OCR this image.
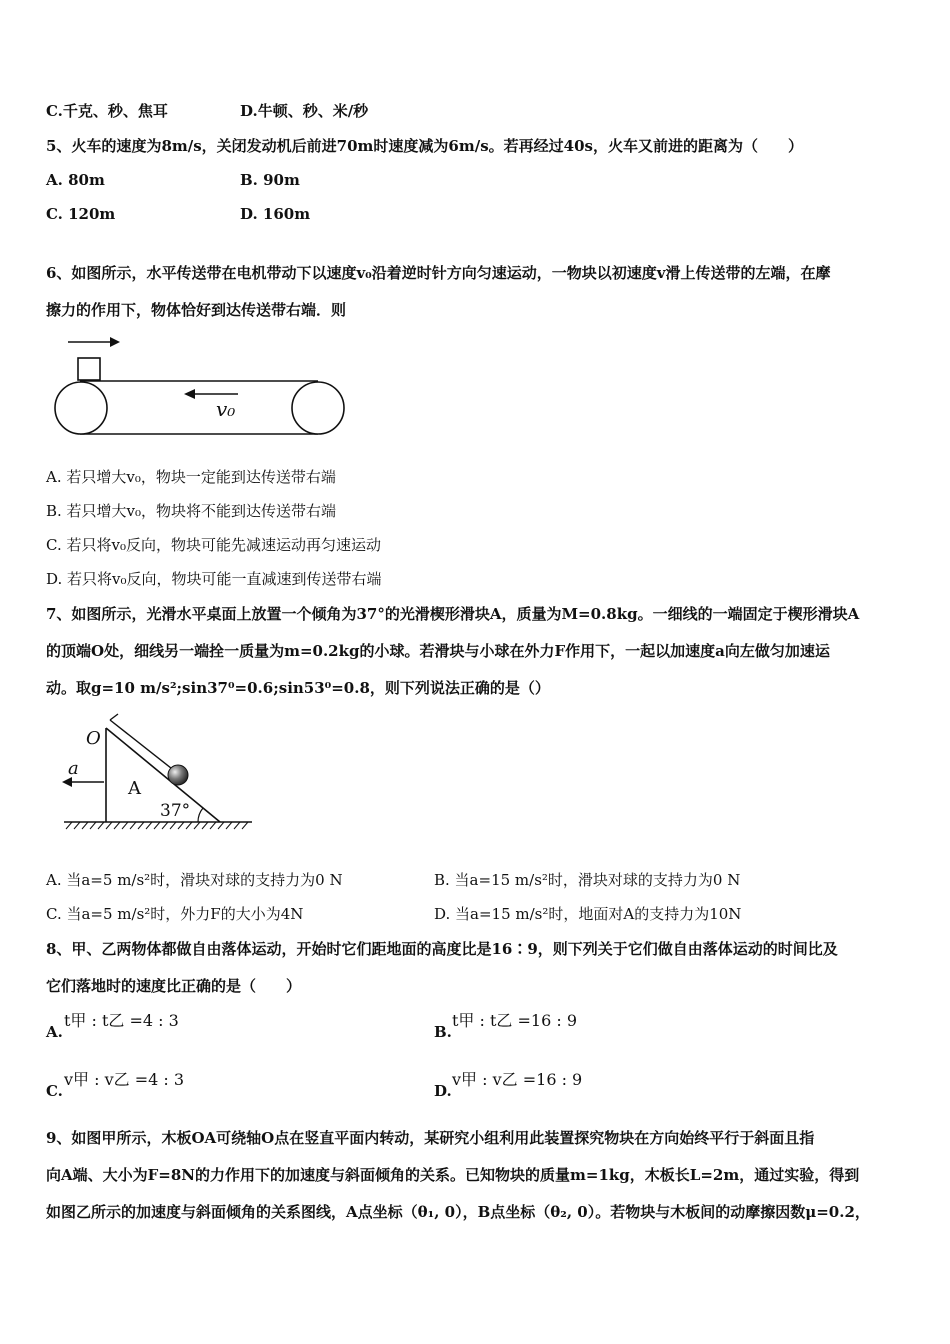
C.千克、秒、焦耳	D.牛顿、秒、米/秒
5、火车的速度为8m/s，关闭发动机后前进70m时速度减为6m/s。若再经过40s，火车又前进的距离为（　　）
A. 80m	B. 90m
C. 120m	D. 160m
6、如图所示，水平传送带在电机带动下以速度v₀沿着逆时针方向匀速运动，一物块以初速度v滑上传送带的左端，在摩
擦力的作用下，物体恰好到达传送带右端．则
v₀
A. 若只增大v₀，物块一定能到达传送带右端
B. 若只增大v₀，物块将不能到达传送带右端
C. 若只将v₀反向，物块可能先减速运动再匀速运动
D. 若只将v₀反向，物块可能一直减速到传送带右端
7、如图所示，光滑水平桌面上放置一个倾角为37°的光滑楔形滑块A，质量为M=0.8kg。一细线的一端固定于楔形滑块A
的顶端O处，细线另一端拴一质量为m=0.2kg的小球。若滑块与小球在外力F作用下，一起以加速度a向左做匀加速运
动。取g=10 m/s²;sin37⁰=0.6;sin53⁰=0.8，则下列说法正确的是（）
a
O
A
37°
A. 当a=5 m/s²时，滑块对球的支持力为0 N	B. 当a=15 m/s²时，滑块对球的支持力为0 N
C. 当a=5 m/s²时，外力F的大小为4N	D. 当a=15 m/s²时，地面对A的支持力为10N
8、甲、乙两物体都做自由落体运动，开始时它们距地面的高度比是16∶9，则下列关于它们做自由落体运动的时间比及
它们落地时的速度比正确的是（　　）
A.
t甲 : t乙 =4 : 3
B.
t甲 : t乙 =16 : 9
C.
v甲 : v乙 =4 : 3
D.
v甲 : v乙 =16 : 9
9、如图甲所示，木板OA可绕轴O点在竖直平面内转动，某研究小组利用此装置探究物块在方向始终平行于斜面且指
向A端、大小为F=8N的力作用下的加速度与斜面倾角的关系。已知物块的质量m=1kg，木板长L=2m，通过实验，得到
如图乙所示的加速度与斜面倾角的关系图线，A点坐标（θ₁, 0），B点坐标（θ₂, 0）。若物块与木板间的动摩擦因数μ=0.2，
